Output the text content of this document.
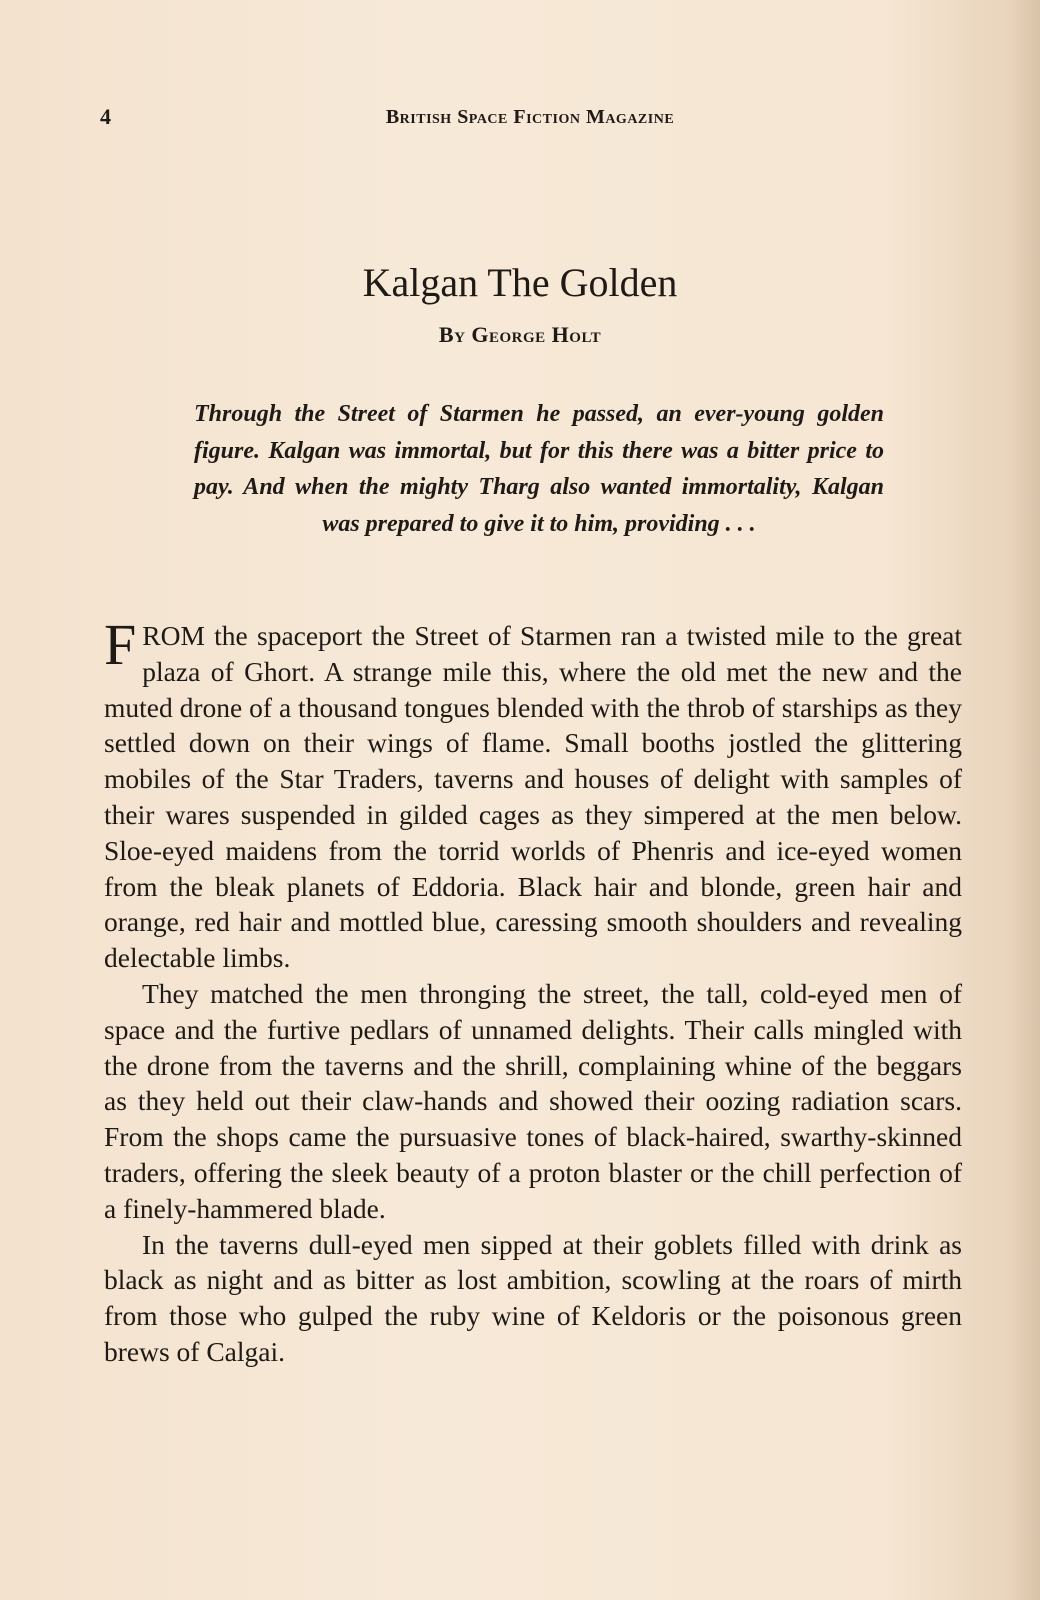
4	British Space Fiction Magazine
Kalgan The Golden
By George Holt
Through the Street of Starmen he passed, an ever-young golden figure. Kalgan was immortal, but for this there was a bitter price to pay. And when the mighty Tharg also wanted immortality, Kalgan was prepared to give it to him, providing . . .

FROM the spaceport the Street of Starmen ran a twisted mile to the great plaza of Ghort. A strange mile this, where the old met the new and the muted drone of a thousand tongues blended with the throb of starships as they settled down on their wings of flame. Small booths jostled the glittering mobiles of the Star Traders, taverns and houses of delight with samples of their wares suspended in gilded cages as they simpered at the men below. Sloe-eyed maidens from the torrid worlds of Phenris and ice-eyed women from the bleak planets of Eddoria. Black hair and blonde, green hair and orange, red hair and mottled blue, caressing smooth shoulders and revealing delectable limbs.

They matched the men thronging the street, the tall, cold-eyed men of space and the furtive pedlars of unnamed delights. Their calls mingled with the drone from the taverns and the shrill, complaining whine of the beggars as they held out their claw-hands and showed their oozing radiation scars. From the shops came the pursuasive tones of black-haired, swarthy-skinned traders, offering the sleek beauty of a proton blaster or the chill perfection of a finely-hammered blade.

In the taverns dull-eyed men sipped at their goblets filled with drink as black as night and as bitter as lost ambition, scowling at the roars of mirth from those who gulped the ruby wine of Keldoris or the poisonous green brews of Calgai.
